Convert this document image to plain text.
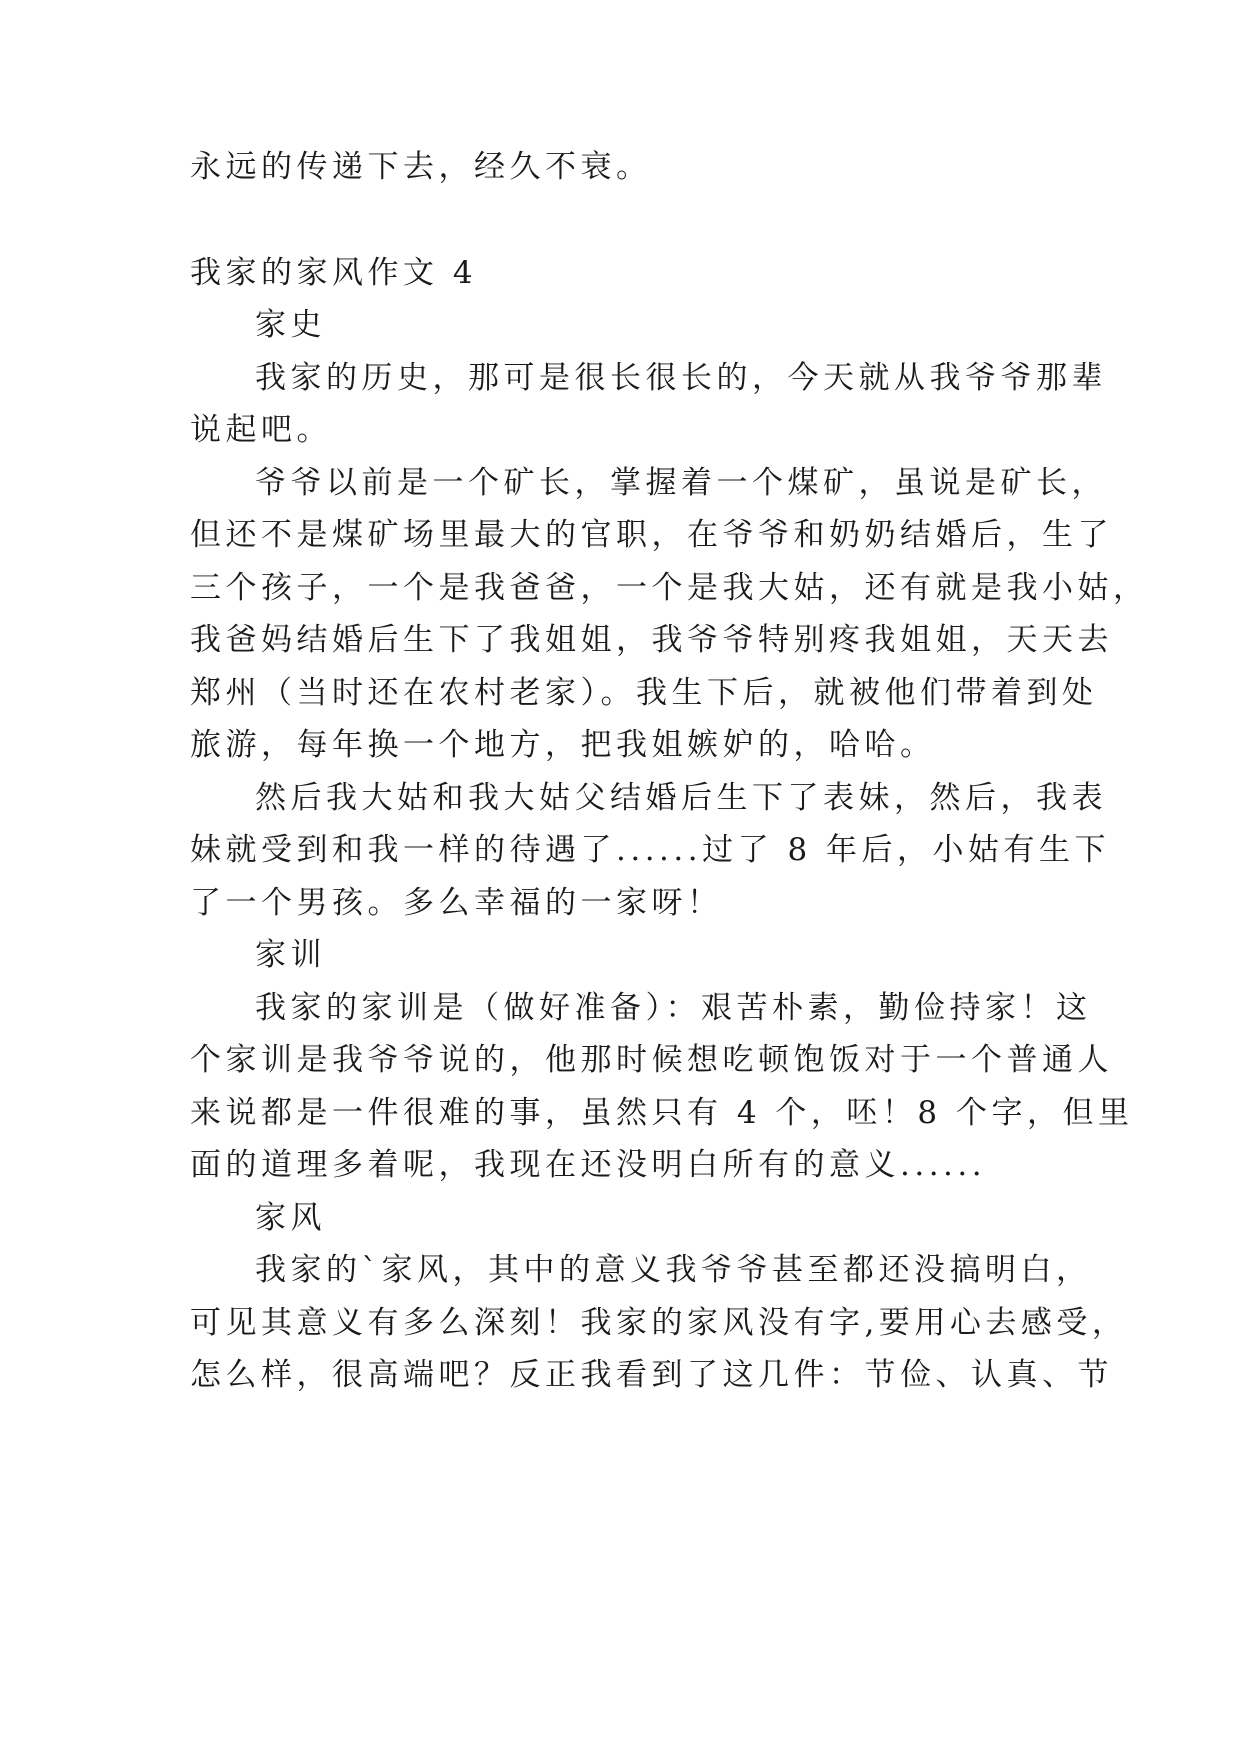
永远的传递下去，经久不衰。
我家的家风作文 4
家史
我家的历史，那可是很长很长的，今天就从我爷爷那辈
说起吧。
爷爷以前是一个矿长，掌握着一个煤矿，虽说是矿长，
但还不是煤矿场里最大的官职，在爷爷和奶奶结婚后，生了
三个孩子，一个是我爸爸，一个是我大姑，还有就是我小姑，
我爸妈结婚后生下了我姐姐，我爷爷特别疼我姐姐，天天去
郑州（当时还在农村老家）。我生下后，就被他们带着到处
旅游，每年换一个地方，把我姐嫉妒的，哈哈。
然后我大姑和我大姑父结婚后生下了表妹，然后，我表
妹就受到和我一样的待遇了......过了 8 年后，小姑有生下
了一个男孩。多么幸福的一家呀！
家训
我家的家训是（做好准备）：艰苦朴素，勤俭持家！这
个家训是我爷爷说的，他那时候想吃顿饱饭对于一个普通人
来说都是一件很难的事，虽然只有 4 个，呸！8 个字，但里
面的道理多着呢，我现在还没明白所有的意义......
家风
我家的`家风，其中的意义我爷爷甚至都还没搞明白，
可见其意义有多么深刻！我家的家风没有字,要用心去感受，
怎么样，很高端吧？反正我看到了这几件：节俭、认真、节
